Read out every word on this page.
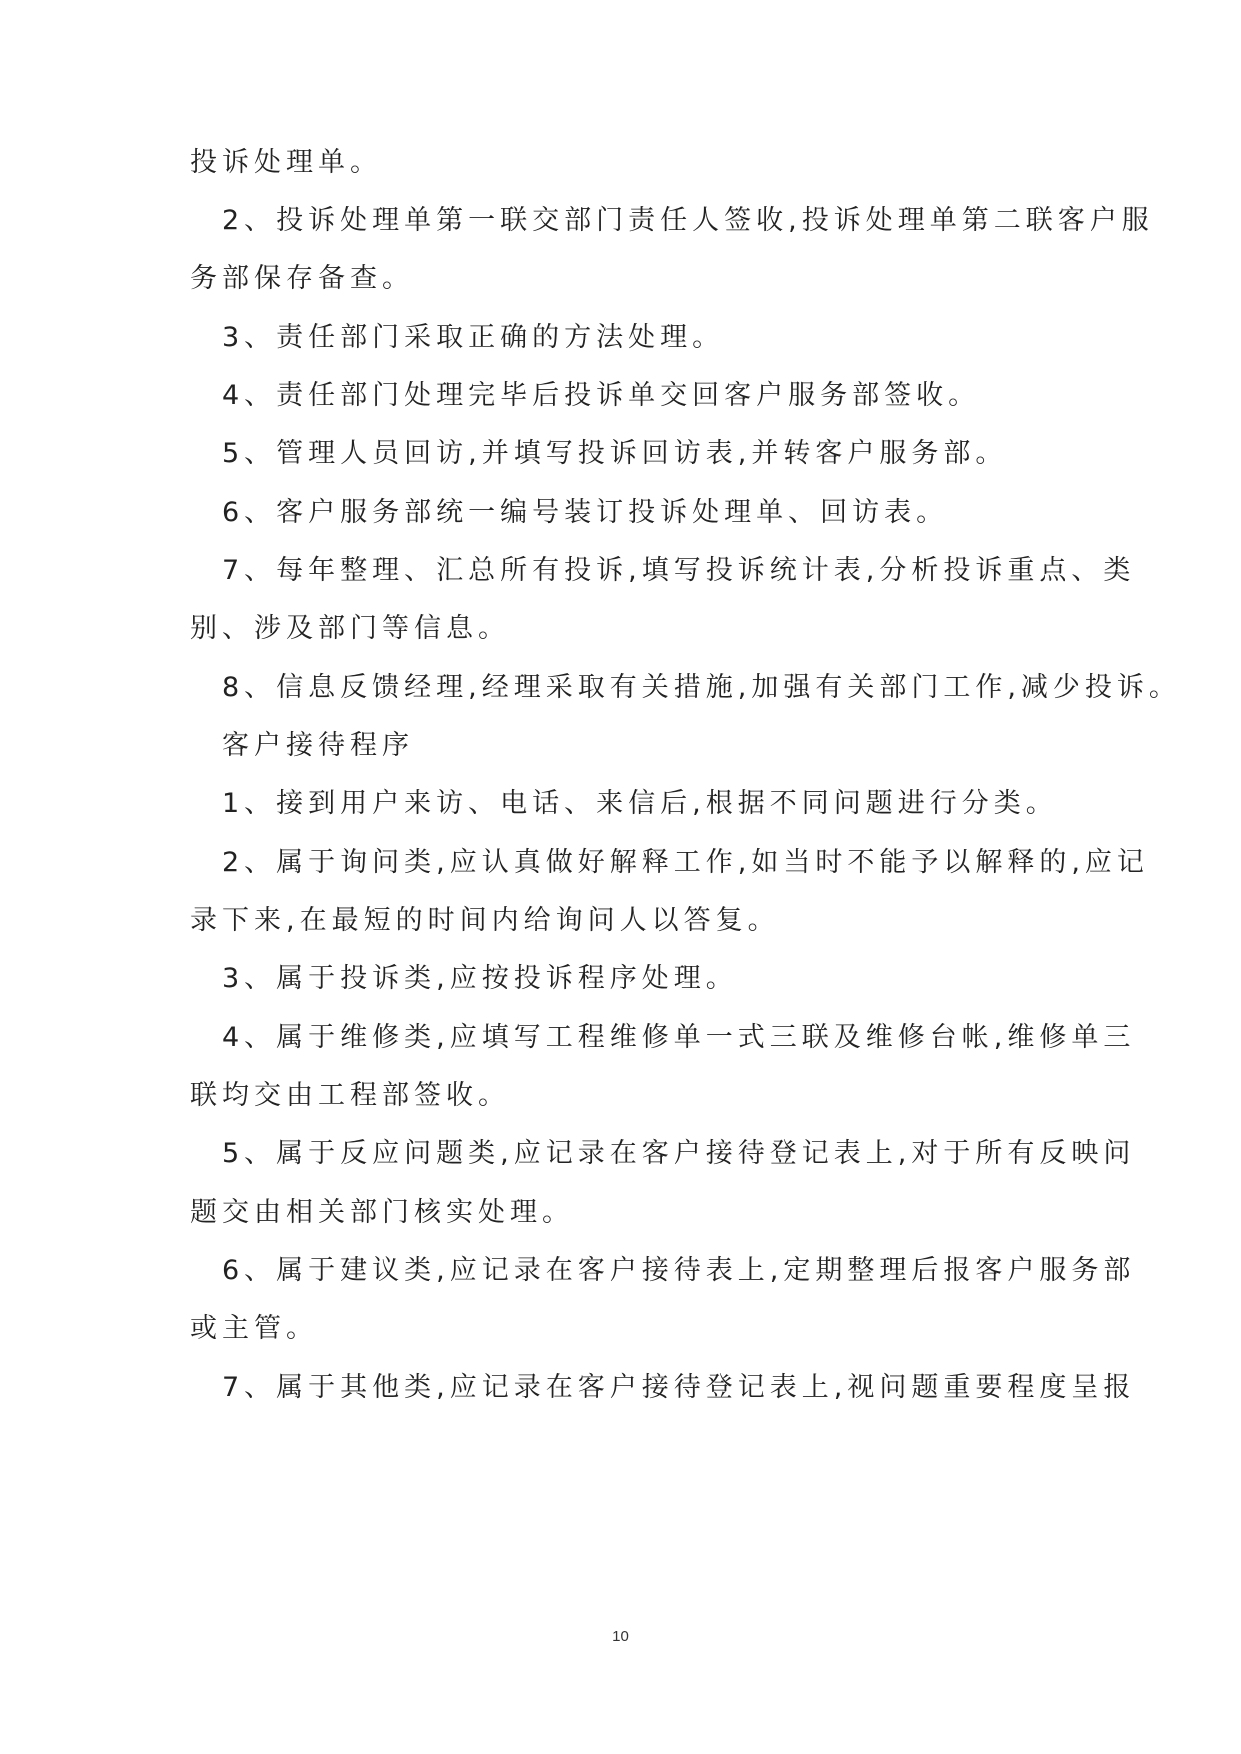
投诉处理单。
　2、投诉处理单第一联交部门责任人签收,投诉处理单第二联客户服
务部保存备查。
　3、责任部门采取正确的方法处理。
　4、责任部门处理完毕后投诉单交回客户服务部签收。
　5、管理人员回访,并填写投诉回访表,并转客户服务部。
　6、客户服务部统一编号装订投诉处理单、回访表。
　7、每年整理、汇总所有投诉,填写投诉统计表,分析投诉重点、类
别、涉及部门等信息。
　8、信息反馈经理,经理采取有关措施,加强有关部门工作,减少投诉。
　客户接待程序
　1、接到用户来访、电话、来信后,根据不同问题进行分类。
　2、属于询问类,应认真做好解释工作,如当时不能予以解释的,应记
录下来,在最短的时间内给询问人以答复。
　3、属于投诉类,应按投诉程序处理。
　4、属于维修类,应填写工程维修单一式三联及维修台帐,维修单三
联均交由工程部签收。
　5、属于反应问题类,应记录在客户接待登记表上,对于所有反映问
题交由相关部门核实处理。
　6、属于建议类,应记录在客户接待表上,定期整理后报客户服务部
或主管。
　7、属于其他类,应记录在客户接待登记表上,视问题重要程度呈报
10
